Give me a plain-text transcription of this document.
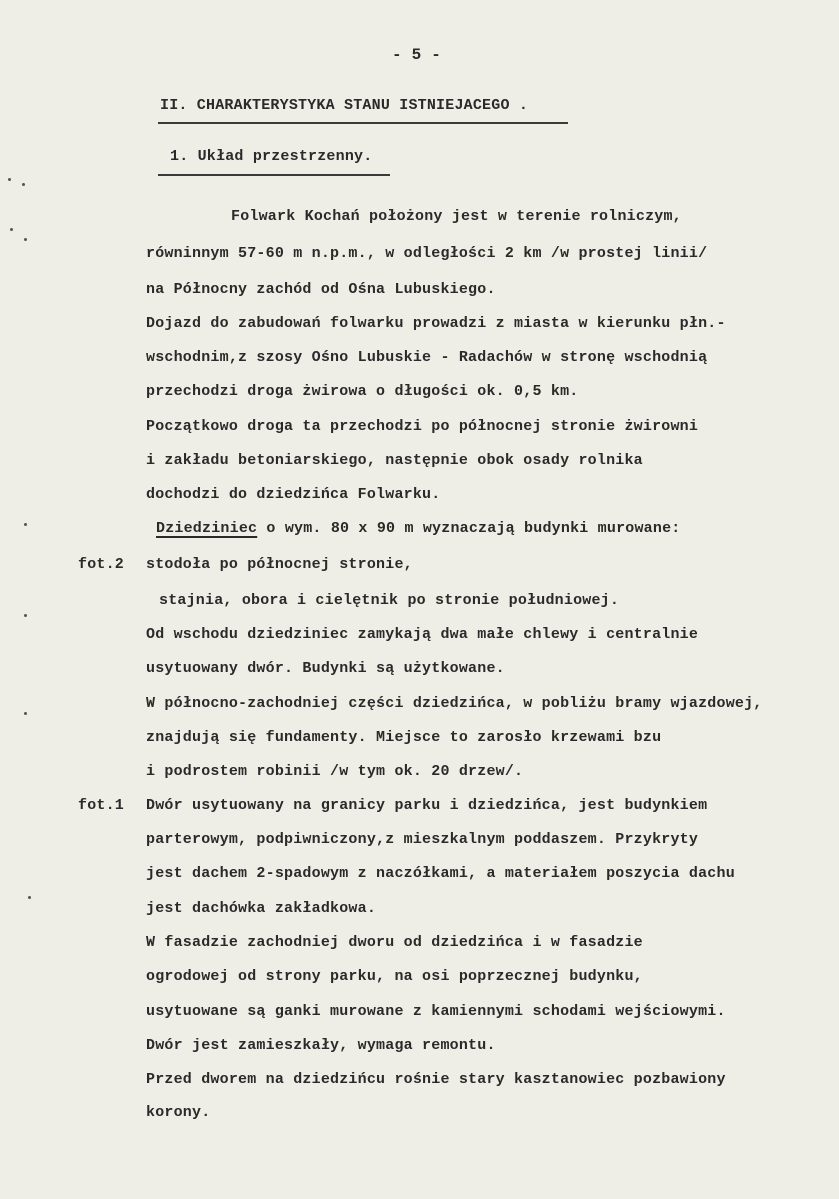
- 5 -
II. CHARAKTERYSTYKA STANU ISTNIEJACEGO .
1. Układ przestrzenny.
Folwark Kochań położony jest w terenie rolniczym,
równinnym 57-60 m n.p.m., w odległości 2 km /w prostej linii/
na Północny zachód od Ośna Lubuskiego.
Dojazd do zabudowań folwarku prowadzi z miasta w kierunku płn.-
wschodnim,z szosy Ośno Lubuskie - Radachów w stronę wschodnią
przechodzi droga żwirowa o długości ok. 0,5 km.
Początkowo droga ta przechodzi po północnej stronie żwirowni
i zakładu betoniarskiego, następnie obok osady rolnika
dochodzi do dziedzińca Folwarku.
Dziedziniec o wym. 80 x 90 m wyznaczają budynki murowane:
fot.2 stodoła po północnej stronie,
stajnia, obora i cielętnik po stronie południowej.
Od wschodu dziedziniec zamykają dwa małe chlewy i centralnie
usytuowany dwór. Budynki są użytkowane.
W północno-zachodniej części dziedzińca, w pobliżu bramy wjazdowej,
znajdują się fundamenty. Miejsce to zarosło krzewami bzu
i podrostem robinii /w tym ok. 20 drzew/.
fot.1 Dwór usytuowany na granicy parku i dziedzińca, jest budynkiem
parterowym, podpiwniczony,z mieszkalnym poddaszem. Przykryty
jest dachem 2-spadowym z naczółkami, a materiałem poszycia dachu
jest dachówka zakładkowa.
W fasadzie zachodniej dworu od dziedzińca i w fasadzie
ogrodowej od strony parku, na osi poprzecznej budynku,
usytuowane są ganki murowane z kamiennymi schodami wejściowymi.
Dwór jest zamieszkały, wymaga remontu.
Przed dworem na dziedzińcu rośnie stary kasztanowiec pozbawiony
korony.
